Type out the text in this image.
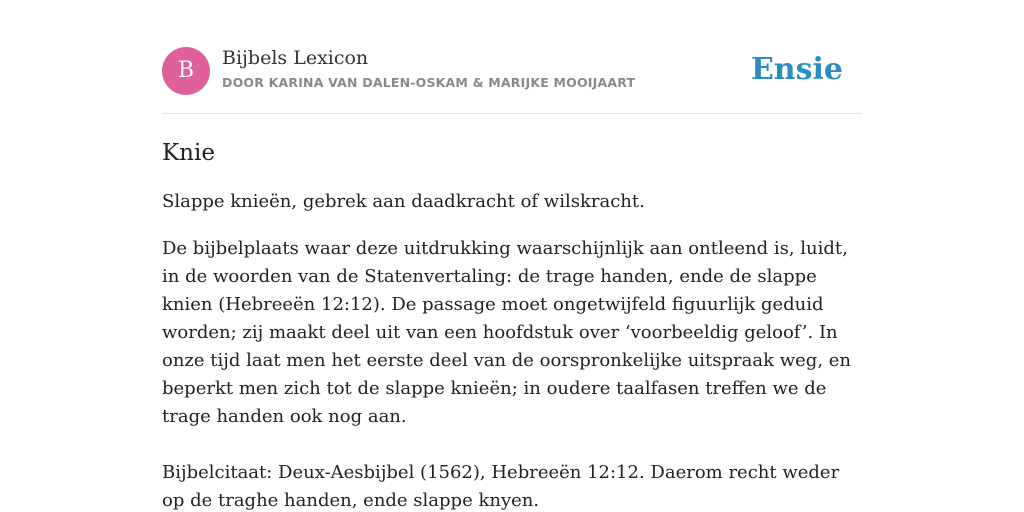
B	Bijbels Lexicon
DOOR KARINA VAN DALEN-OSKAM & MARIJKE MOOIJAART	Ensie
Knie

Slappe knieën, gebrek aan daadkracht of wilskracht.

De bijbelplaats waar deze uitdrukking waarschijnlijk aan ontleend is, luidt, in de woorden van de Statenvertaling: de trage handen, ende de slappe knien (Hebreeën 12:12). De passage moet ongetwijfeld figuurlijk geduid worden; zij maakt deel uit van een hoofdstuk over ‘voorbeeldig geloof’. In onze tijd laat men het eerste deel van de oorspronkelijke uitspraak weg, en beperkt men zich tot de slappe knieën; in oudere taalfasen treffen we de trage handen ook nog aan.

Bijbelcitaat: Deux-Aesbijbel (1562), Hebreeën 12:12. Daerom recht weder op de traghe handen, ende slappe knyen.
